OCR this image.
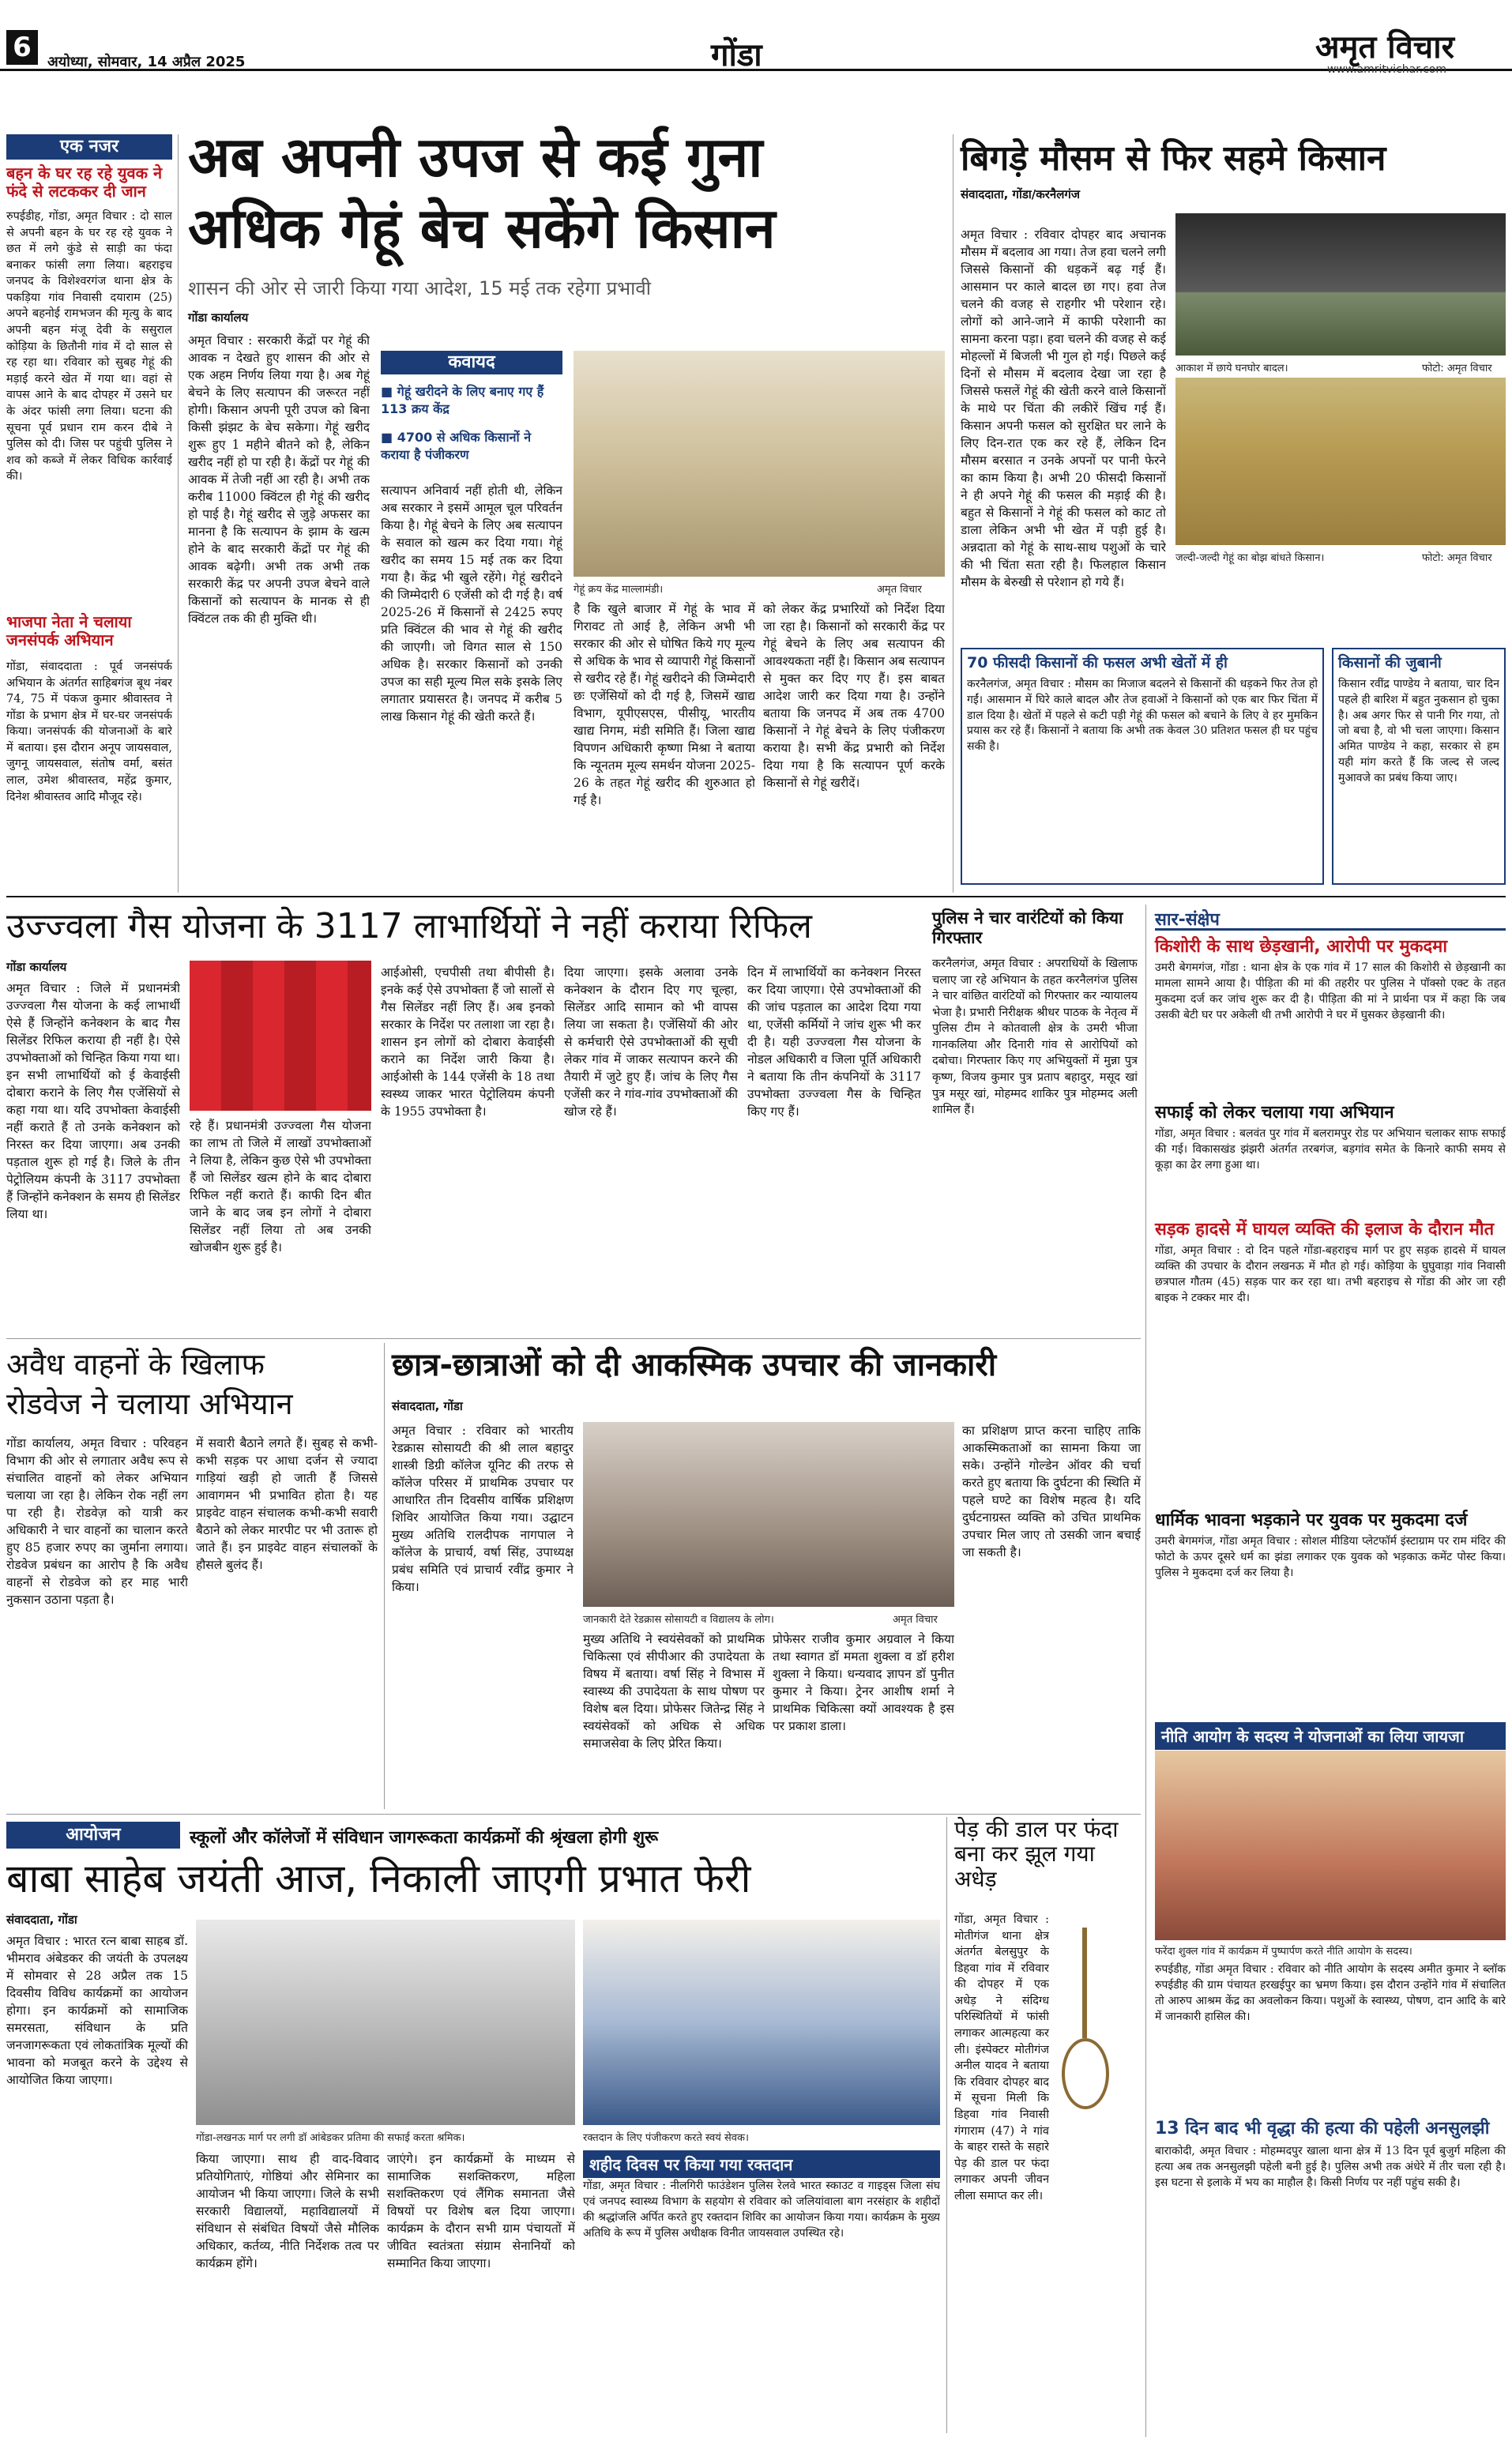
6	अयोध्या, सोमवार, 14 अप्रैल 2025	गोंडा	अमृत विचार
www.amritvichar.com
एक नजर
बहन के घर रह रहे युवक ने फंदे से लटककर दी जान
रुपईडीह, गोंडा, अमृत विचार : दो साल से अपनी बहन के घर रह रहे युवक ने छत में लगे कुंडे से साड़ी का फंदा बनाकर फांसी लगा लिया। बहराइच जनपद के विशेश्वरगंज थाना क्षेत्र के पकड़िया गांव निवासी दयाराम (25) अपने बहनोई रामभजन की मृत्यु के बाद अपनी बहन मंजू देवी के ससुराल कोड़िया के छितौनी गांव में दो साल से रह रहा था। रविवार को सुबह गेहूं की मड़ाई करने खेत में गया था। वहां से वापस आने के बाद दोपहर में उसने घर के अंदर फांसी लगा लिया। घटना की सूचना पूर्व प्रधान राम करन दीबे ने पुलिस को दी। जिस पर पहुंची पुलिस ने शव को कब्जे में लेकर विधिक कार्रवाई की।
भाजपा नेता ने चलाया जनसंपर्क अभियान
गोंडा, संवाददाता : पूर्व जनसंपर्क अभियान के अंतर्गत साहिबगंज बूथ नंबर 74, 75 में पंकज कुमार श्रीवास्तव ने गोंडा के प्रभाग क्षेत्र में घर-घर जनसंपर्क किया। जनसंपर्क की योजनाओं के बारे में बताया। इस दौरान अनूप जायसवाल, जुगनू जायसवाल, संतोष वर्मा, बसंत लाल, उमेश श्रीवास्तव, महेंद्र कुमार, दिनेश श्रीवास्तव आदि मौजूद रहे।
अब अपनी उपज से कई गुना
अधिक गेहूं बेच सकेंगे किसान
शासन की ओर से जारी किया गया आदेश, 15 मई तक रहेगा प्रभावी
गोंडा कार्यालय
अमृत विचार : सरकारी केंद्रों पर गेहूं की आवक न देखते हुए शासन की ओर से एक अहम निर्णय लिया गया है। अब गेहूं बेचने के लिए सत्यापन की जरूरत नहीं होगी। किसान अपनी पूरी उपज को बिना किसी झंझट के बेच सकेगा। गेहूं खरीद शुरू हुए 1 महीने बीतने को है, लेकिन खरीद नहीं हो पा रही है। केंद्रों पर गेहूं की आवक में तेजी नहीं आ रही है। अभी तक करीब 11000 क्विंटल ही गेहूं की खरीद हो पाई है। गेहूं खरीद से जुड़े अफसर का मानना है कि सत्यापन के झाम के खत्म होने के बाद सरकारी केंद्रों पर गेहूं की आवक बढ़ेगी। अभी तक अभी तक सरकारी केंद्र पर अपनी उपज बेचने वाले किसानों को सत्यापन के मानक से ही क्विंटल तक की ही मुक्ति थी।
कवायद
■ गेहूं खरीदने के लिए बनाए गए हैं 113 क्रय केंद्र
■ 4700 से अधिक किसानों ने कराया है पंजीकरण
सत्यापन अनिवार्य नहीं होती थी, लेकिन अब सरकार ने इसमें आमूल चूल परिवर्तन किया है। गेहूं बेचने के लिए अब सत्यापन के सवाल को खत्म कर दिया गया। गेहूं खरीद का समय 15 मई तक कर दिया गया है। केंद्र भी खुले रहेंगे। गेहूं खरीदने की जिम्मेदारी 6 एजेंसी को दी गई है। वर्ष 2025-26 में किसानों से 2425 रुपए प्रति क्विंटल की भाव से गेहूं की खरीद की जाएगी। जो विगत साल से 150 अधिक है। सरकार किसानों को उनकी उपज का सही मूल्य मिल सके इसके लिए लगातार प्रयासरत है। जनपद में करीब 5 लाख किसान गेहूं की खेती करते हैं।
गेहूं क्रय केंद्र माल्लामंडी।	अमृत विचार
है कि खुले बाजार में गेहूं के भाव में गिरावट तो आई है, लेकिन अभी भी सरकार की ओर से घोषित किये गए मूल्य से अधिक के भाव से व्यापारी गेहूं किसानों से खरीद रहे हैं। गेहूं खरीदने की जिम्मेदारी छः एजेंसियों को दी गई है, जिसमें खाद्य विभाग, यूपीएसएस, पीसीयू, भारतीय खाद्य निगम, मंडी समिति हैं। जिला खाद्य विपणन अधिकारी कृष्णा मिश्रा ने बताया कि न्यूनतम मूल्य समर्थन योजना 2025-26 के तहत गेहूं खरीद की शुरुआत हो गई है।
को लेकर केंद्र प्रभारियों को निर्देश दिया जा रहा है। किसानों को सरकारी केंद्र पर गेहूं बेचने के लिए अब सत्यापन की आवश्यकता नहीं है। किसान अब सत्यापन से मुक्त कर दिए गए हैं। इस बाबत आदेश जारी कर दिया गया है। उन्होंने बताया कि जनपद में अब तक 4700 किसानों ने गेहूं बेचने के लिए पंजीकरण कराया है। सभी केंद्र प्रभारी को निर्देश दिया गया है कि सत्यापन पूर्ण करके किसानों से गेहूं खरीदें।
बिगड़े मौसम से फिर सहमे किसान
संवाददाता, गोंडा/करनैलगंज
अमृत विचार : रविवार दोपहर बाद अचानक मौसम में बदलाव आ गया। तेज हवा चलने लगी जिससे किसानों की धड़कनें बढ़ गई हैं। आसमान पर काले बादल छा गए। हवा तेज चलने की वजह से राहगीर भी परेशान रहे। लोगों को आने-जाने में काफी परेशानी का सामना करना पड़ा। हवा चलने की वजह से कई मोहल्लों में बिजली भी गुल हो गई। पिछले कई दिनों से मौसम में बदलाव देखा जा रहा है जिससे फसलें गेहूं की खेती करने वाले किसानों के माथे पर चिंता की लकीरें खिंच गई हैं। किसान अपनी फसल को सुरक्षित घर लाने के लिए दिन-रात एक कर रहे हैं, लेकिन दिन मौसम बरसात न उनके अपनों पर पानी फेरने का काम किया है। अभी 20 फीसदी किसानों ने ही अपने गेहूं की फसल की मड़ाई की है। बहुत से किसानों ने गेहूं की फसल को काट तो डाला लेकिन अभी भी खेत में पड़ी हुई है। अन्नदाता को गेहूं के साथ-साथ पशुओं के चारे की भी चिंता सता रही है। फिलहाल किसान मौसम के बेरुखी से परेशान हो गये हैं।
आकाश में छाये घनघोर बादल।	फोटो: अमृत विचार
जल्दी-जल्दी गेहूं का बोझ बांधते किसान।	फोटो: अमृत विचार
70 फीसदी किसानों की फसल अभी खेतों में ही
करनैलगंज, अमृत विचार : मौसम का मिजाज बदलने से किसानों की धड़कने फिर तेज हो गईं। आसमान में घिरे काले बादल और तेज हवाओं ने किसानों को एक बार फिर चिंता में डाल दिया है। खेतों में पहले से कटी पड़ी गेहूं की फसल को बचाने के लिए वे हर मुमकिन प्रयास कर रहे हैं। किसानों ने बताया कि अभी तक केवल 30 प्रतिशत फसल ही घर पहुंच सकी है।
किसानों की जुबानी
किसान रवींद्र पाण्डेय ने बताया, चार दिन पहले ही बारिश में बहुत नुकसान हो चुका है। अब अगर फिर से पानी गिर गया, तो जो बचा है, वो भी चला जाएगा। किसान अमित पाण्डेय ने कहा, सरकार से हम यही मांग करते हैं कि जल्द से जल्द मुआवजे का प्रबंध किया जाए।
उज्ज्वला गैस योजना के 3117 लाभार्थियों ने नहीं कराया रिफिल
गोंडा कार्यालय
अमृत विचार : जिले में प्रधानमंत्री उज्ज्वला गैस योजना के कई लाभार्थी ऐसे हैं जिन्होंने कनेक्शन के बाद गैस सिलेंडर रिफिल कराया ही नहीं है। ऐसे उपभोक्ताओं को चिन्हित किया गया था। इन सभी लाभार्थियों को ई केवाईसी दोबारा कराने के लिए गैस एजेंसियों से कहा गया था। यदि उपभोक्ता केवाईसी नहीं कराते हैं तो उनके कनेक्शन को निरस्त कर दिया जाएगा। अब उनकी पड़ताल शुरू हो गई है। जिले के तीन पेट्रोलियम कंपनी के 3117 उपभोक्ता हैं जिन्होंने कनेक्शन के समय ही सिलेंडर लिया था।
रहे हैं। प्रधानमंत्री उज्ज्वला गैस योजना का लाभ तो जिले में लाखों उपभोक्ताओं ने लिया है, लेकिन कुछ ऐसे भी उपभोक्ता हैं जो सिलेंडर खत्म होने के बाद दोबारा रिफिल नहीं कराते हैं। काफी दिन बीत जाने के बाद जब इन लोगों ने दोबारा सिलेंडर नहीं लिया तो अब उनकी खोजबीन शुरू हुई है।
आईओसी, एचपीसी तथा बीपीसी है। इनके कई ऐसे उपभोक्ता हैं जो सालों से गैस सिलेंडर नहीं लिए हैं। अब इनको सरकार के निर्देश पर तलाशा जा रहा है। शासन इन लोगों को दोबारा केवाईसी कराने का निर्देश जारी किया है। आईओसी के 144 एजेंसी के 18 तथा स्वस्थ्य जाकर भारत पेट्रोलियम कंपनी के 1955 उपभोक्ता है।
दिया जाएगा। इसके अलावा उनके कनेक्शन के दौरान दिए गए चूल्हा, सिलेंडर आदि सामान को भी वापस लिया जा सकता है। एजेंसियों की ओर से कर्मचारी ऐसे उपभोक्ताओं की सूची लेकर गांव में जाकर सत्यापन करने की तैयारी में जुटे हुए हैं। जांच के लिए गैस एजेंसी कर ने गांव-गांव उपभोक्ताओं की खोज रहे हैं।
दिन में लाभार्थियों का कनेक्शन निरस्त कर दिया जाएगा। ऐसे उपभोक्ताओं की की जांच पड़ताल का आदेश दिया गया था, एजेंसी कर्मियों ने जांच शुरू भी कर दी है। यही उज्ज्वला गैस योजना के नोडल अधिकारी व जिला पूर्ति अधिकारी ने बताया कि तीन कंपनियों के 3117 उपभोक्ता उज्ज्वला गैस के चिन्हित किए गए हैं।
पुलिस ने चार वारंटियों को किया गिरफ्तार
करनैलगंज, अमृत विचार : अपराधियों के खिलाफ चलाए जा रहे अभियान के तहत करनैलगंज पुलिस ने चार वांछित वारंटियों को गिरफ्तार कर न्यायालय भेजा है। प्रभारी निरीक्षक श्रीधर पाठक के नेतृत्व में पुलिस टीम ने कोतवाली क्षेत्र के उमरी भीजा गानकलिया और दिनारी गांव से आरोपियों को दबोचा। गिरफ्तार किए गए अभियुक्तों में मुन्ना पुत्र कृष्ण, विजय कुमार पुत्र प्रताप बहादुर, मसूद खां पुत्र मसूर खां, मोहम्मद शाकिर पुत्र मोहम्मद अली शामिल हैं।
सार-संक्षेप
किशोरी के साथ छेड़खानी, आरोपी पर मुकदमा
उमरी बेगमगंज, गोंडा : थाना क्षेत्र के एक गांव में 17 साल की किशोरी से छेड़खानी का मामला सामने आया है। पीड़िता की मां की तहरीर पर पुलिस ने पॉक्सो एक्ट के तहत मुकदमा दर्ज कर जांच शुरू कर दी है। पीड़िता की मां ने प्रार्थना पत्र में कहा कि जब उसकी बेटी घर पर अकेली थी तभी आरोपी ने घर में घुसकर छेड़खानी की।
सफाई को लेकर चलाया गया अभियान
गोंडा, अमृत विचार : बलवंत पुर गांव में बलरामपुर रोड पर अभियान चलाकर साफ सफाई की गई। विकासखंड झंझरी अंतर्गत तरबगंज, बड़गांव समेत के किनारे काफी समय से कूड़ा का ढेर लगा हुआ था।
सड़क हादसे में घायल व्यक्ति की इलाज के दौरान मौत
गोंडा, अमृत विचार : दो दिन पहले गोंडा-बहराइच मार्ग पर हुए सड़क हादसे में घायल व्यक्ति की उपचार के दौरान लखनऊ में मौत हो गई। कोड़िया के घुघुवाड़ा गांव निवासी छत्रपाल गौतम (45) सड़क पार कर रहा था। तभी बहराइच से गोंडा की ओर जा रही बाइक ने टक्कर मार दी।
धार्मिक भावना भड़काने पर युवक पर मुकदमा दर्ज
उमरी बेगमगंज, गोंडा अमृत विचार : सोशल मीडिया प्लेटफॉर्म इंस्टाग्राम पर राम मंदिर की फोटो के ऊपर दूसरे धर्म का झंडा लगाकर एक युवक को भड़काऊ कमेंट पोस्ट किया। पुलिस ने मुकदमा दर्ज कर लिया है।
नीति आयोग के सदस्य ने योजनाओं का लिया जायजा
फरेंदा शुक्ल गांव में कार्यक्रम में पुष्पार्पण करते नीति आयोग के सदस्य।
रुपईडीह, गोंडा अमृत विचार : रविवार को नीति आयोग के सदस्य अमीत कुमार ने ब्लॉक रुपईडीह की ग्राम पंचायत हरखईपुर का भ्रमण किया। इस दौरान उन्होंने गांव में संचालित तो आरुप आश्रम केंद्र का अवलोकन किया। पशुओं के स्वास्थ्य, पोषण, दान आदि के बारे में जानकारी हासिल की।
13 दिन बाद भी वृद्धा की हत्या की पहेली अनसुलझी
बाराकोदी, अमृत विचार : मोहम्मदपुर खाला थाना क्षेत्र में 13 दिन पूर्व बुजुर्ग महिला की हत्या अब तक अनसुलझी पहेली बनी हुई है। पुलिस अभी तक अंधेरे में तीर चला रही है। इस घटना से इलाके में भय का माहौल है। किसी निर्णय पर नहीं पहुंच सकी है।
अवैध वाहनों के खिलाफ
रोडवेज ने चलाया अभियान
गोंडा कार्यालय, अमृत विचार : परिवहन विभाग की ओर से लगातार अवैध रूप से संचालित वाहनों को लेकर अभियान चलाया जा रहा है। लेकिन रोक नहीं लग पा रही है। रोडवेज़ को यात्री कर अधिकारी ने चार वाहनों का चालान करते हुए 85 हजार रुपए का जुर्माना लगाया। रोडवेज प्रबंधन का आरोप है कि अवैध वाहनों से रोडवेज को हर माह भारी नुकसान उठाना पड़ता है।
में सवारी बैठाने लगते हैं। सुबह से कभी-कभी सड़क पर आधा दर्जन से ज्यादा गाड़ियां खड़ी हो जाती हैं जिससे आवागमन भी प्रभावित होता है। यह प्राइवेट वाहन संचालक कभी-कभी सवारी बैठाने को लेकर मारपीट पर भी उतारू हो जाते हैं। इन प्राइवेट वाहन संचालकों के हौसले बुलंद हैं।
छात्र-छात्राओं को दी आकस्मिक उपचार की जानकारी
संवाददाता, गोंडा
अमृत विचार : रविवार को भारतीय रेडक्रास सोसायटी की श्री लाल बहादुर शास्त्री डिग्री कॉलेज यूनिट की तरफ से कॉलेज परिसर में प्राथमिक उपचार पर आधारित तीन दिवसीय वार्षिक प्रशिक्षण शिविर आयोजित किया गया। उद्घाटन मुख्य अतिथि रालदीपक नागपाल ने कॉलेज के प्राचार्य, वर्षा सिंह, उपाध्यक्ष प्रबंध समिति एवं प्राचार्य रवींद्र कुमार ने किया।
जानकारी देते रेडक्रास सोसायटी व विद्यालय के लोग।	अमृत विचार
मुख्य अतिथि ने स्वयंसेवकों को प्राथमिक चिकित्सा एवं सीपीआर की उपादेयता के विषय में बताया। वर्षा सिंह ने विभास में स्वास्थ्य की उपादेयता के साथ पोषण पर विशेष बल दिया। प्रोफेसर जितेन्द्र सिंह ने स्वयंसेवकों को अधिक से अधिक समाजसेवा के लिए प्रेरित किया।
प्रोफेसर राजीव कुमार अग्रवाल ने किया तथा स्वागत डॉ ममता शुक्ला व डॉ हरीश शुक्ला ने किया। धन्यवाद ज्ञापन डॉ पुनीत कुमार ने किया। ट्रेनर आशीष शर्मा ने प्राथमिक चिकित्सा क्यों आवश्यक है इस पर प्रकाश डाला।
का प्रशिक्षण प्राप्त करना चाहिए ताकि आकस्मिकताओं का सामना किया जा सके। उन्होंने गोल्डेन ऑवर की चर्चा करते हुए बताया कि दुर्घटना की स्थिति में पहले घण्टे का विशेष महत्व है। यदि दुर्घटनाग्रस्त व्यक्ति को उचित प्राथमिक उपचार मिल जाए तो उसकी जान बचाई जा सकती है।
आयोजन	स्कूलों और कॉलेजों में संविधान जागरूकता कार्यक्रमों की श्रृंखला होगी शुरू
बाबा साहेब जयंती आज, निकाली जाएगी प्रभात फेरी
संवाददाता, गोंडा
अमृत विचार : भारत रत्न बाबा साहब डॉ. भीमराव अंबेडकर की जयंती के उपलक्ष्य में सोमवार से 28 अप्रैल तक 15 दिवसीय विविध कार्यक्रमों का आयोजन होगा। इन कार्यक्रमों को सामाजिक समरसता, संविधान के प्रति जनजागरूकता एवं लोकतांत्रिक मूल्यों की भावना को मजबूत करने के उद्देश्य से आयोजित किया जाएगा।
गोंडा-लखनऊ मार्ग पर लगी डॉ आंबेडकर प्रतिमा की सफाई करता श्रमिक।
किया जाएगा। साथ ही वाद-विवाद प्रतियोगिताएं, गोष्ठियां और सेमिनार का आयोजन भी किया जाएगा। जिले के सभी सरकारी विद्यालयों, महाविद्यालयों में संविधान से संबंधित विषयों जैसे मौलिक अधिकार, कर्तव्य, नीति निर्देशक तत्व पर कार्यक्रम होंगे।
जाएंगे। इन कार्यक्रमों के माध्यम से सामाजिक सशक्तिकरण, महिला सशक्तिकरण एवं लैंगिक समानता जैसे विषयों पर विशेष बल दिया जाएगा। कार्यक्रम के दौरान सभी ग्राम पंचायतों में जीवित स्वतंत्रता संग्राम सेनानियों को सम्मानित किया जाएगा।
रक्तदान के लिए पंजीकरण करते स्वयं सेवक।
शहीद दिवस पर किया गया रक्तदान
गोंडा, अमृत विचार : नीलगिरी फाउंडेशन पुलिस रेलवे भारत स्काउट व गाइड्स जिला संघ एवं जनपद स्वास्थ्य विभाग के सहयोग से रविवार को जलियांवाला बाग नरसंहार के शहीदों की श्रद्धांजलि अर्पित करते हुए रक्तदान शिविर का आयोजन किया गया। कार्यक्रम के मुख्य अतिथि के रूप में पुलिस अधीक्षक विनीत जायसवाल उपस्थित रहे।
पेड़ की डाल पर फंदा बना कर झूल गया अधेड़
गोंडा, अमृत विचार : मोतीगंज थाना क्षेत्र अंतर्गत बेलसुपुर के डिहवा गांव में रविवार की दोपहर में एक अधेड़ ने संदिग्ध परिस्थितियों में फांसी लगाकर आत्महत्या कर ली। इंस्पेक्टर मोतीगंज अनील यादव ने बताया कि रविवार दोपहर बाद में सूचना मिली कि डिहवा गांव निवासी गंगाराम (47) ने गांव के बाहर रास्ते के सहारे पेड़ की डाल पर फंदा लगाकर अपनी जीवन लीला समाप्त कर ली।
